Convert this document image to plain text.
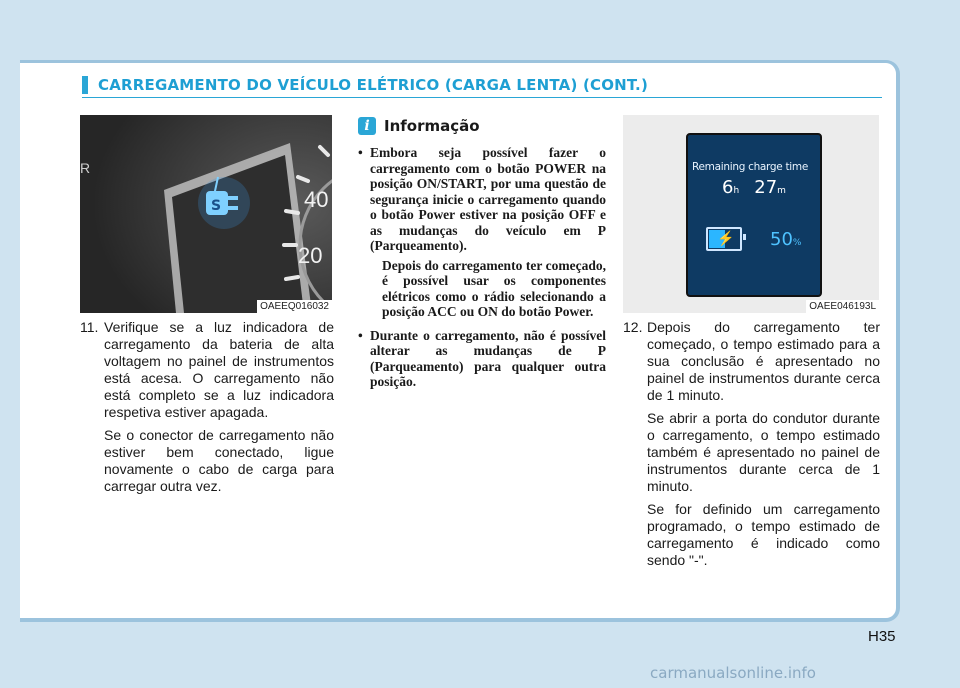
CARREGAMENTO DO VEÍCULO ELÉTRICO (CARGA LENTA) (CONT.)
40
20
R
S
OAEEQ016032
11. Verifique se a luz indicadora de carregamento da bateria de alta voltagem no painel de instrumentos está acesa. O carregamento não está completo se a luz indicadora respetiva estiver apagada.

Se o conector de carregamento não estiver bem conectado, ligue novamente o cabo de carga para carregar outra vez.

i Informação
• Embora seja possível fazer o carregamento com o botão POWER na posição ON/START, por uma questão de segurança inicie o carregamento quando o botão Power estiver na posição OFF e as mudanças do veículo em P (Parqueamento).
Depois do carregamento ter começado, é possível usar os componentes elétricos como o rádio selecionando a posição ACC ou ON do botão Power.
• Durante o carregamento, não é possível alterar as mudanças de P (Parqueamento) para qualquer outra posição.
Remaining charge time
6h 27m
⚡ 50%
OAEE046193L
12. Depois do carregamento ter começado, o tempo estimado para a sua conclusão é apresentado no painel de instrumentos durante cerca de 1 minuto.

Se abrir a porta do condutor durante o carregamento, o tempo estimado também é apresentado no painel de instrumentos durante cerca de 1 minuto.

Se for definido um carregamento programado, o tempo estimado de carregamento é indicado como sendo "-".

H35
carmanualsonline.info
